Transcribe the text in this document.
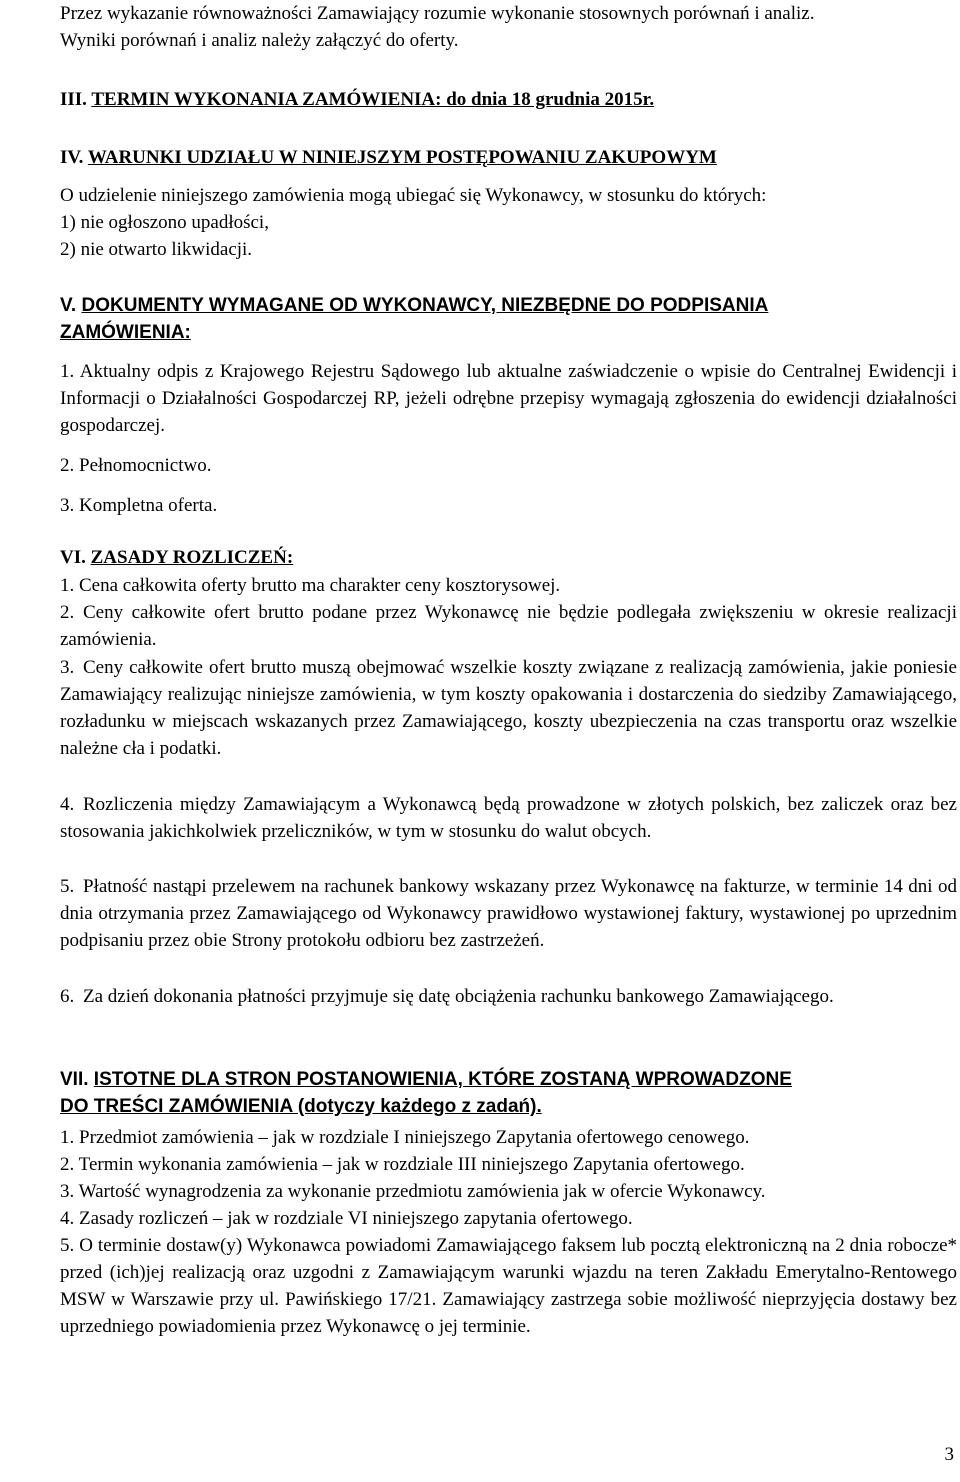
Przez wykazanie równoważności Zamawiający rozumie wykonanie stosownych porównań i analiz.
Wyniki porównań i analiz należy załączyć do oferty.
III. TERMIN WYKONANIA ZAMÓWIENIA: do dnia 18 grudnia 2015r.
IV. WARUNKI UDZIAŁU W NINIEJSZYM POSTĘPOWANIU ZAKUPOWYM
O udzielenie niniejszego zamówienia mogą ubiegać się Wykonawcy, w stosunku do których:
1) nie ogłoszono upadłości,
2) nie otwarto likwidacji.
V. DOKUMENTY WYMAGANE OD WYKONAWCY, NIEZBĘDNE DO PODPISANIA
ZAMÓWIENIA:
1. Aktualny odpis z Krajowego Rejestru Sądowego lub aktualne zaświadczenie o wpisie do Centralnej Ewidencji i Informacji o Działalności Gospodarczej RP, jeżeli odrębne przepisy wymagają zgłoszenia do ewidencji działalności gospodarczej.
2. Pełnomocnictwo.
3. Kompletna oferta.
VI. ZASADY ROZLICZEŃ:
1. Cena całkowita oferty brutto ma charakter ceny kosztorysowej.
2. Ceny całkowite ofert brutto podane przez Wykonawcę nie będzie podlegała zwiększeniu w okresie realizacji zamówienia.
3. Ceny całkowite ofert brutto muszą obejmować wszelkie koszty związane z realizacją zamówienia, jakie poniesie Zamawiający realizując niniejsze zamówienia, w tym koszty opakowania i dostarczenia do siedziby Zamawiającego, rozładunku w miejscach wskazanych przez Zamawiającego, koszty ubezpieczenia na czas transportu oraz wszelkie należne cła i podatki.
4. Rozliczenia między Zamawiającym a Wykonawcą będą prowadzone w złotych polskich, bez zaliczek oraz bez stosowania jakichkolwiek przeliczników, w tym w stosunku do walut obcych.
5. Płatność nastąpi przelewem na rachunek bankowy wskazany przez Wykonawcę na fakturze, w terminie 14 dni od dnia otrzymania przez Zamawiającego od Wykonawcy prawidłowo wystawionej faktury, wystawionej po uprzednim podpisaniu przez obie Strony protokołu odbioru bez zastrzeżeń.
6. Za dzień dokonania płatności przyjmuje się datę obciążenia rachunku bankowego Zamawiającego.
VII. ISTOTNE DLA STRON POSTANOWIENIA, KTÓRE ZOSTANĄ WPROWADZONE
DO TREŚCI ZAMÓWIENIA (dotyczy każdego z zadań).
1. Przedmiot zamówienia – jak w rozdziale I niniejszego Zapytania ofertowego cenowego.
2. Termin wykonania zamówienia – jak w rozdziale III niniejszego Zapytania ofertowego.
3. Wartość wynagrodzenia za wykonanie przedmiotu zamówienia jak w ofercie Wykonawcy.
4. Zasady rozliczeń – jak w rozdziale VI niniejszego zapytania ofertowego.
5. O terminie dostaw(y) Wykonawca powiadomi Zamawiającego faksem lub pocztą elektroniczną na 2 dnia robocze* przed (ich)jej realizacją oraz uzgodni z Zamawiającym warunki wjazdu na teren Zakładu Emerytalno-Rentowego MSW w Warszawie przy ul. Pawińskiego 17/21. Zamawiający zastrzega sobie możliwość nieprzyjęcia dostawy bez uprzedniego powiadomienia przez Wykonawcę o jej terminie.
3
